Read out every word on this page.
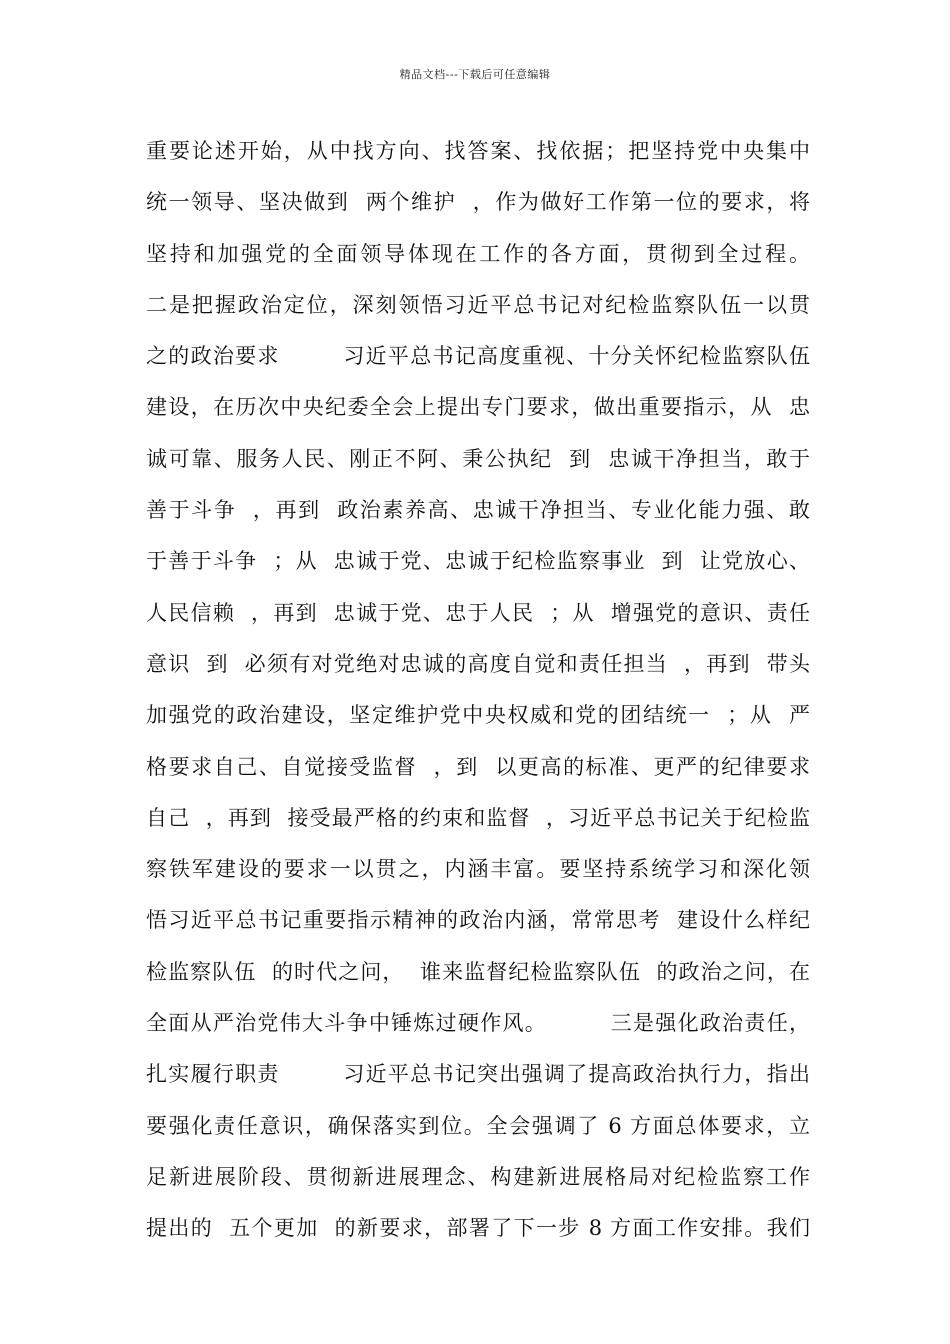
精品文档---下载后可任意编辑
重要论述开始，从中找方向、找答案、找依据；把坚持党中央集中
统一领导、坚决做到  两个维护  ，作为做好工作第一位的要求，将
坚持和加强党的全面领导体现在工作的各方面，贯彻到全过程。
二是把握政治定位，深刻领悟习近平总书记对纪检监察队伍一以贯
之的政治要求        习近平总书记高度重视、十分关怀纪检监察队伍
建设，在历次中央纪委全会上提出专门要求，做出重要指示，从  忠
诚可靠、服务人民、刚正不阿、秉公执纪  到  忠诚干净担当，敢于
善于斗争  ，再到  政治素养高、忠诚干净担当、专业化能力强、敢
于善于斗争  ；从  忠诚于党、忠诚于纪检监察事业  到  让党放心、
人民信赖  ，再到  忠诚于党、忠于人民  ；从  增强党的意识、责任
意识  到  必须有对党绝对忠诚的高度自觉和责任担当  ，再到  带头
加强党的政治建设，坚定维护党中央权威和党的团结统一  ；从  严
格要求自己、自觉接受监督  ，到  以更高的标准、更严的纪律要求
自己  ，再到  接受最严格的约束和监督  ，习近平总书记关于纪检监
察铁军建设的要求一以贯之，内涵丰富。要坚持系统学习和深化领
悟习近平总书记重要指示精神的政治内涵，常常思考  建设什么样纪
检监察队伍  的时代之问，  谁来监督纪检监察队伍  的政治之问，在
全面从严治党伟大斗争中锤炼过硬作风。        三是强化政治责任，
扎实履行职责        习近平总书记突出强调了提高政治执行力，指出
要强化责任意识，确保落实到位。全会强调了 6 方面总体要求，立
足新进展阶段、贯彻新进展理念、构建新进展格局对纪检监察工作
提出的  五个更加  的新要求，部署了下一步 8 方面工作安排。我们
